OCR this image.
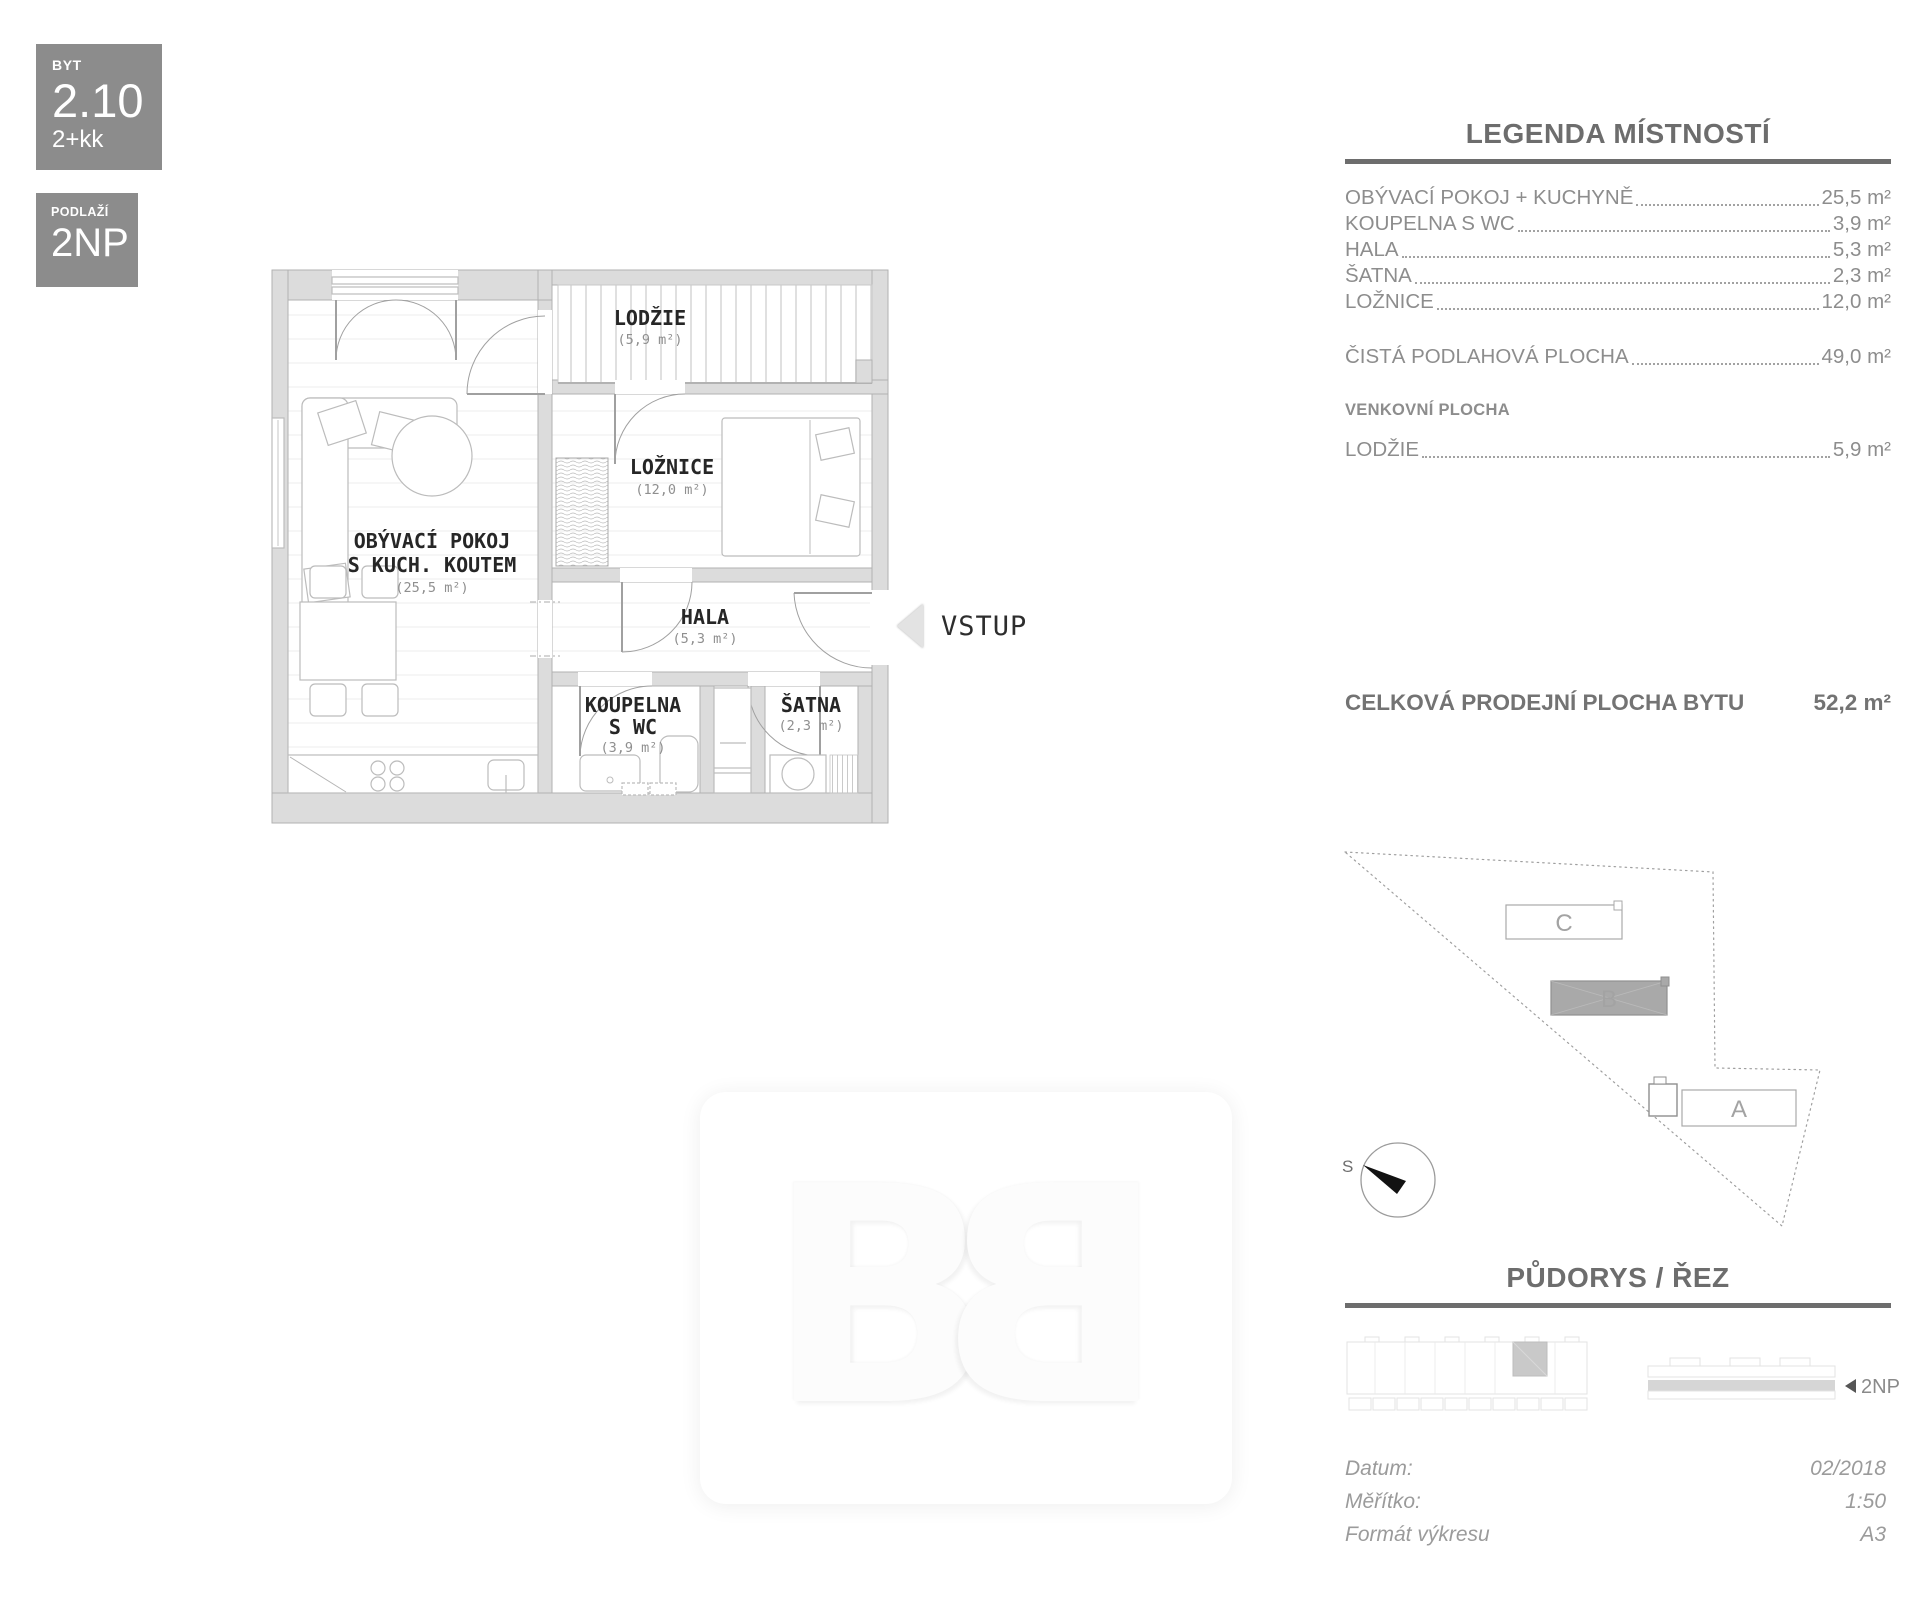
BYT
2.10
2+kk
PODLAŽÍ
2NP
B
B
LODŽIE
(5,9 m²)
LOŽNICE
(12,0 m²)
OBÝVACÍ POKOJ
S KUCH. KOUTEM
(25,5 m²)
HALA
(5,3 m²)
KOUPELNA
S WC
(3,9 m²)
ŠATNA
(2,3 m²)
VSTUP
LEGENDA MÍSTNOSTÍ
OBÝVACÍ POKOJ + KUCHYNĚ	25,5 m²
KOUPELNA S WC	3,9 m²
HALA	5,3 m²
ŠATNA	2,3 m²
LOŽNICE	12,0 m²
ČISTÁ PODLAHOVÁ PLOCHA	49,0 m²
VENKOVNÍ PLOCHA
LODŽIE	5,9 m²
CELKOVÁ PRODEJNÍ PLOCHA BYTU	52,2 m²
C
B
A
S
PŮDORYS / ŘEZ
2NP
Datum:	02/2018
Měřítko:	1:50
Formát výkresu	A3
